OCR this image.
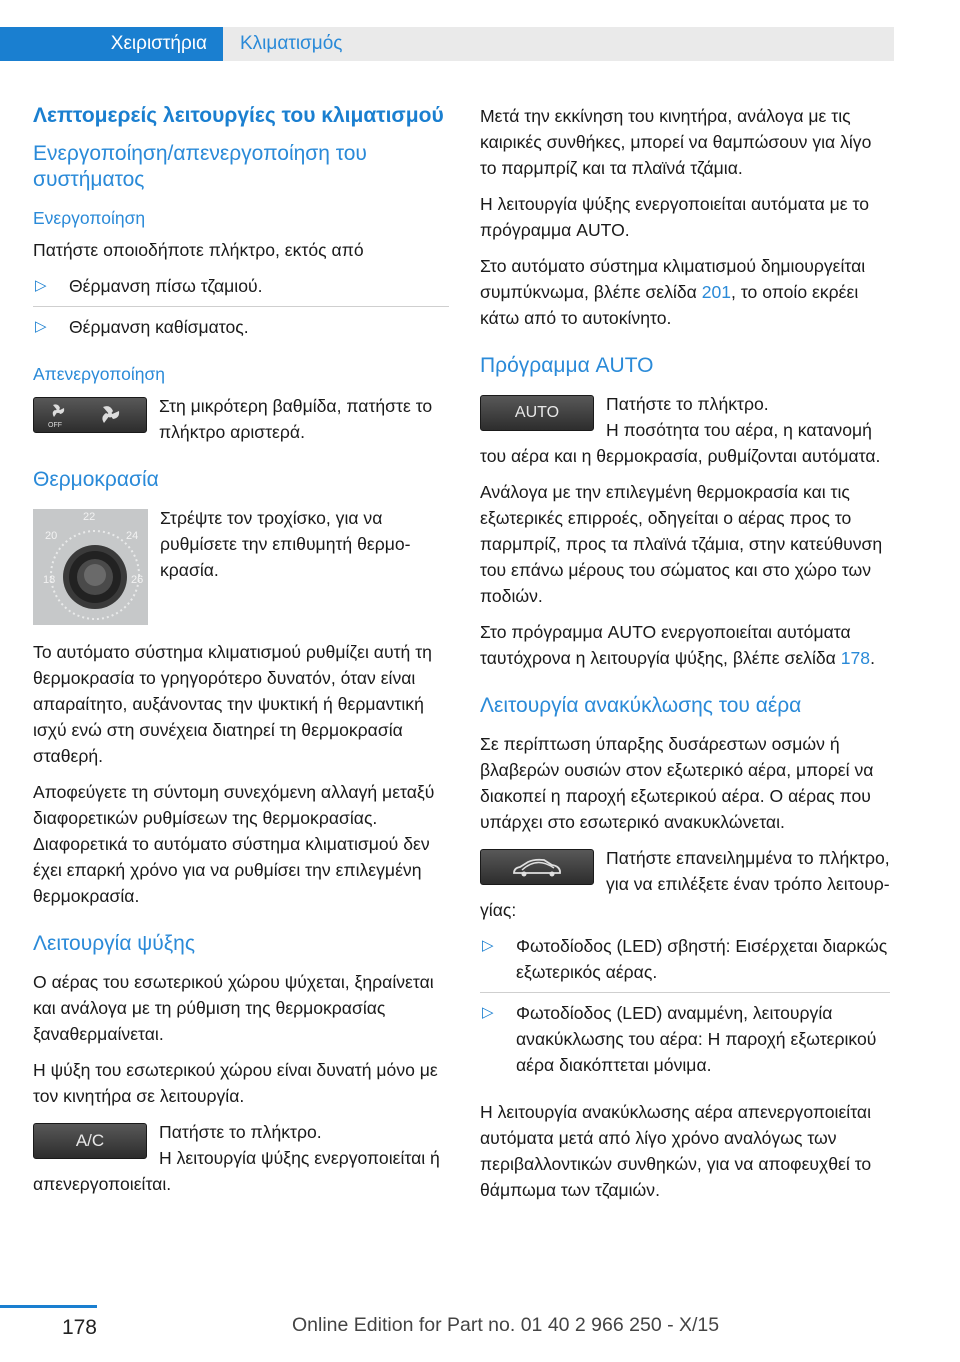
Χειριστήρια	Κλιματισμός
Λεπτομερείς λειτουργίες του κλιματισμού
Ενεργοποίηση/απενεργοποίηση του συστήματος
Ενεργοποίηση

Πατήστε οποιοδήποτε πλήκτρο, εκτός από

▷ Θέρμανση πίσω τζαμιού.
▷ Θέρμανση καθίσματος.
Απενεργοποίηση
OFF
Στη μικρότερη βαθμίδα, πατήστε το πλήκτρο αριστερά.
Θερμοκρασία
18
20
22
24
26
Στρέψτε τον τροχίσκο, για να ρυθμίσετε την επιθυμητή θερμοκρασία.

Το αυτόματο σύστημα κλιματισμού ρυθμίζει αυτή τη θερμοκρασία το γρηγορότερο δυνατόν, όταν είναι απαραίτητο, αυξάνοντας την ψυκτική ή θερμαντική ισχύ ενώ στη συνέχεια διατηρεί τη θερμοκρασία σταθερή.

Αποφεύγετε τη σύντομη συνεχόμενη αλλαγή μεταξύ διαφορετικών ρυθμίσεων της θερμοκρασίας. Διαφορετικά το αυτόματο σύστημα κλιματισμού δεν έχει επαρκή χρόνο για να ρυθμίσει την επιλεγμένη θερμοκρασία.

Λειτουργία ψύξης

Ο αέρας του εσωτερικού χώρου ψύχεται, ξηραίνεται και ανάλογα με τη ρύθμιση της θερμοκρασίας ξαναθερμαίνεται.

Η ψύξη του εσωτερικού χώρου είναι δυνατή μόνο με τον κινητήρα σε λειτουργία.

A/C	Πατήστε το πλήκτρο.
Η λειτουργία ψύξης ενεργοποιείται ή απενεργοποιείται.

Μετά την εκκίνηση του κινητήρα, ανάλογα με τις καιρικές συνθήκες, μπορεί να θαμπώσουν για λίγο το παρμπρίζ και τα πλαϊνά τζάμια.

Η λειτουργία ψύξης ενεργοποιείται αυτόματα με το πρόγραμμα AUTO.

Στο αυτόματο σύστημα κλιματισμού δημιουργείται συμπύκνωμα, βλέπε σελίδα 201, το οποίο εκρέει κάτω από το αυτοκίνητο.

Πρόγραμμα AUTO
AUTO	Πατήστε το πλήκτρο.
Η ποσότητα του αέρα, η κατανομή του αέρα και η θερμοκρασία, ρυθμίζονται αυτόματα.

Ανάλογα με την επιλεγμένη θερμοκρασία και τις εξωτερικές επιρροές, οδηγείται ο αέρας προς το παρμπρίζ, προς τα πλαϊνά τζάμια, στην κατεύθυνση του επάνω μέρους του σώματος και στο χώρο των ποδιών.

Στο πρόγραμμα AUTO ενεργοποιείται αυτόματα ταυτόχρονα η λειτουργία ψύξης, βλέπε σελίδα 178.

Λειτουργία ανακύκλωσης του αέρα

Σε περίπτωση ύπαρξης δυσάρεστων οσμών ή βλαβερών ουσιών στον εξωτερικό αέρα, μπορεί να διακοπεί η παροχή εξωτερικού αέρα. Ο αέρας που υπάρχει στο εσωτερικό ανακυκλώνεται.

Πατήστε επανειλημμένα το πλήκτρο, για να επιλέξετε έναν τρόπο λειτουργίας:
▷ Φωτοδίοδος (LED) σβηστή: Εισέρχεται διαρκώς εξωτερικός αέρας.
▷ Φωτοδίοδος (LED) αναμμένη, λειτουργία ανακύκλωσης του αέρα: Η παροχή εξωτερικού αέρα διακόπτεται μόνιμα.

Η λειτουργία ανακύκλωσης αέρα απενεργοποιείται αυτόματα μετά από λίγο χρόνο αναλόγως των περιβαλλοντικών συνθηκών, για να αποφευχθεί το θάμπωμα των τζαμιών.

178	Online Edition for Part no. 01 40 2 966 250 - X/15
